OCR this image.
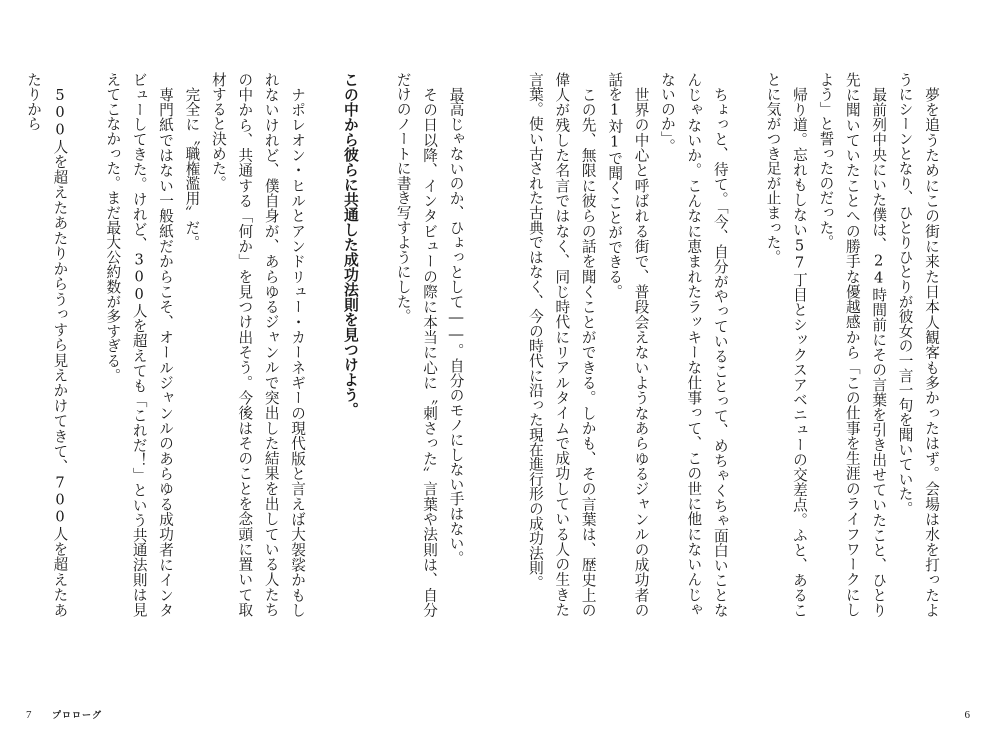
夢を追うためにこの街に来た日本人観客も多かったはず。会場は水を打ったようにシーンとなり、ひとりひとりが彼女の一言一句を聞いていた。

最前列中央にいた僕は、24時間前にその言葉を引き出せていたこと、ひとり先に聞いていたことへの勝手な優越感から「この仕事を生涯のライフワークにしよう」と誓ったのだった。

帰り道。忘れもしない57丁目とシックスアベニューの交差点。ふと、あることに気がつき足が止まった。

ちょっと、待て。「今、自分がやっていることって、めちゃくちゃ面白いことなんじゃないか。こんなに恵まれたラッキーな仕事って、この世に他にないんじゃないのか」。

世界の中心と呼ばれる街で、普段会えないようなあらゆるジャンルの成功者の話を1対1で聞くことができる。

この先、無限に彼らの話を聞くことができる。しかも、その言葉は、歴史上の偉人が残した名言ではなく、同じ時代にリアルタイムで成功している人の生きた言葉。使い古された古典ではなく、今の時代に沿った現在進行形の成功法則。

最高じゃないのか、ひょっとして――。自分のモノにしない手はない。

その日以降、インタビューの際に本当に心に〝刺さった〟言葉や法則は、自分だけのノートに書き写すようにした。

この中から彼らに共通した成功法則を見つけよう。

ナポレオン・ヒルとアンドリュー・カーネギーの現代版と言えば大袈裟かもしれないけれど、僕自身が、あらゆるジャンルで突出した結果を出している人たちの中から、共通する「何か」を見つけ出そう。今後はそのことを念頭に置いて取材すると決めた。

完全に〝職権濫用〟だ。

専門紙ではない一般紙だからこそ、オールジャンルのあらゆる成功者にインタビューしてきた。けれど、300人を超えても「これだ！」という共通法則は見えてこなかった。まだ最大公約数が多すぎる。

500人を超えたあたりからうっすら見えかけてきて、700人を超えたあたりから

7 プロローグ	6
